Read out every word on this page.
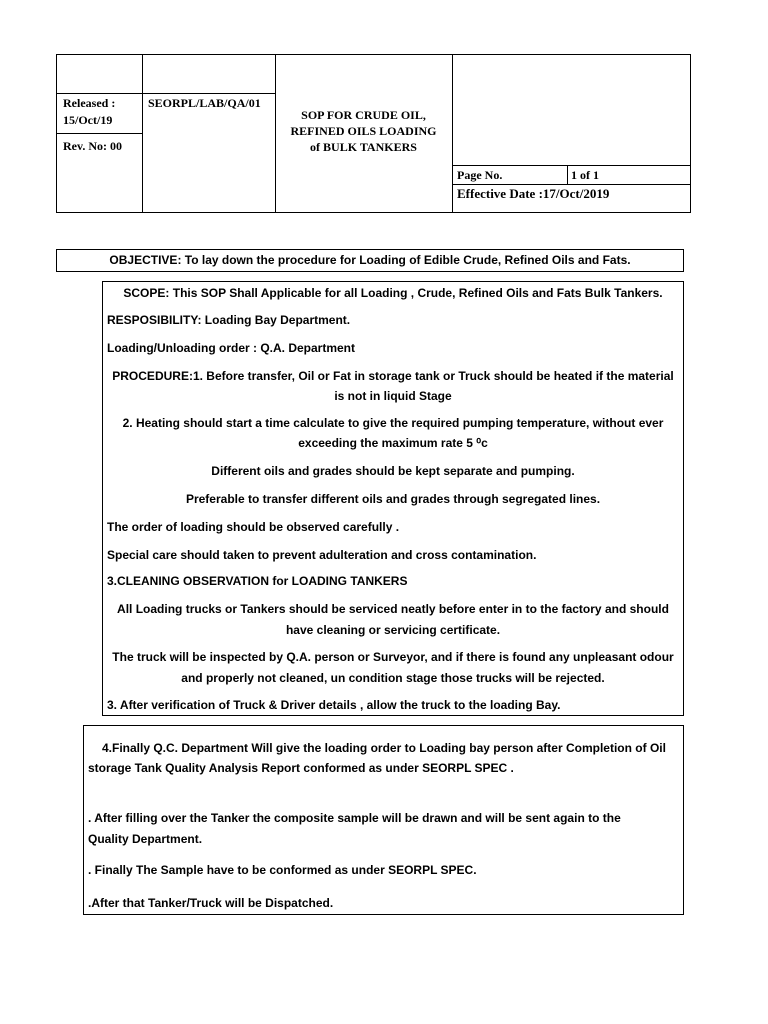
Released :
15/Oct/19
Rev. No: 00
SEORPL/LAB/QA/01
SOP FOR CRUDE OIL,
REFINED OILS LOADING
of BULK TANKERS
Page No.	1 of 1
Effective Date :17/Oct/2019
OBJECTIVE: To lay down the procedure for Loading of Edible Crude, Refined Oils and Fats.
SCOPE: This SOP Shall Applicable for all Loading , Crude, Refined Oils and Fats Bulk Tankers.
RESPOSIBILITY: Loading Bay Department.
Loading/Unloading order : Q.A. Department
PROCEDURE:1. Before transfer, Oil or Fat in storage tank or Truck should be heated if the material
is not in liquid Stage
2. Heating should start a time calculate to give the required pumping temperature, without ever
exceeding the maximum rate 5 ⁰c
Different oils and grades should be kept separate and pumping.
Preferable to transfer different oils and grades through segregated lines.
The order of loading should be observed carefully .
Special care should taken to prevent adulteration and cross contamination.
3.CLEANING OBSERVATION for LOADING TANKERS
All Loading trucks or Tankers should be serviced neatly before enter in to the factory and should
have cleaning or servicing certificate.
The truck will be inspected by Q.A. person or Surveyor, and if there is found any unpleasant odour
and properly not cleaned, un condition stage those trucks will be rejected.
3. After verification of Truck & Driver details , allow the truck to the loading Bay.
4.Finally Q.C. Department Will give the loading order to Loading bay person after Completion of Oil
storage Tank Quality Analysis Report conformed as under SEORPL SPEC .
. After filling over the Tanker the composite sample will be drawn and will be sent again to the
Quality Department.
. Finally The Sample have to be conformed as under SEORPL SPEC.
.After that Tanker/Truck will be Dispatched.
